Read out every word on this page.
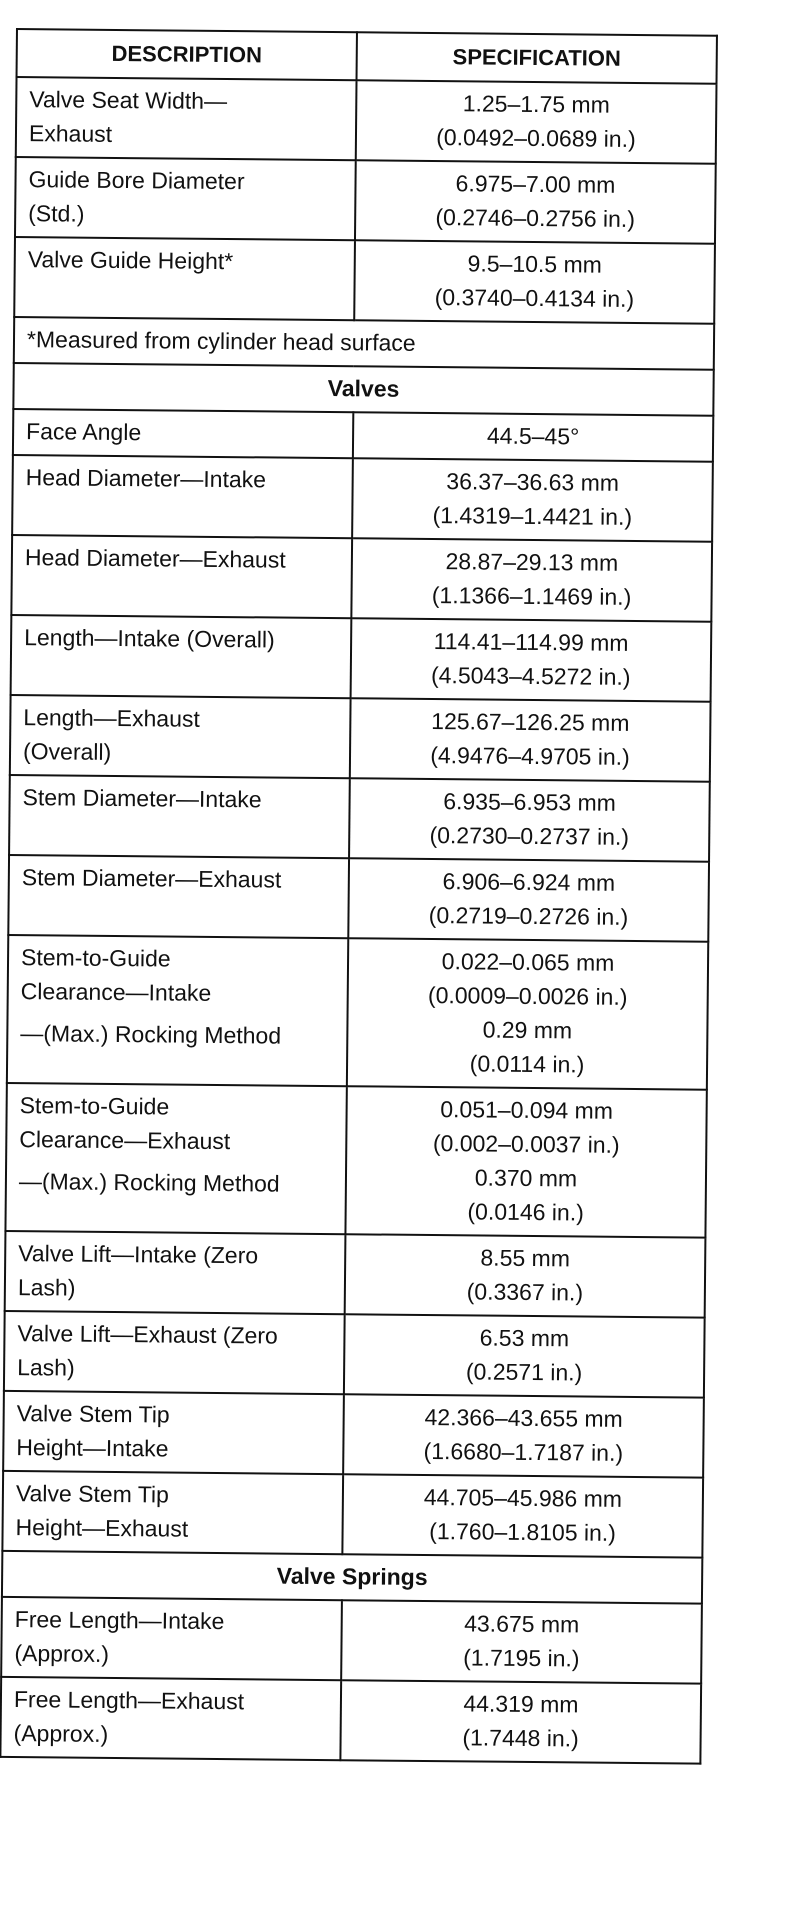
DESCRIPTION	SPECIFICATION

Valve Seat Width—
Exhaust	1.25–1.75 mm
(0.0492–0.0689 in.)

Guide Bore Diameter
(Std.)	6.975–7.00 mm
(0.2746–0.2756 in.)

Valve Guide Height*	9.5–10.5 mm
(0.3740–0.4134 in.)

*Measured from cylinder head surface	
Valves	

Face Angle	44.5–45°

Head Diameter—Intake	36.37–36.63 mm
(1.4319–1.4421 in.)

Head Diameter—Exhaust	28.87–29.13 mm
(1.1366–1.1469 in.)

Length—Intake (Overall)	114.41–114.99 mm
(4.5043–4.5272 in.)

Length—Exhaust
(Overall)	125.67–126.25 mm
(4.9476–4.9705 in.)

Stem Diameter—Intake	6.935–6.953 mm
(0.2730–0.2737 in.)

Stem Diameter—Exhaust	6.906–6.924 mm
(0.2719–0.2726 in.)

Stem-to-Guide
Clearance—Intake
—(Max.) Rocking Method	0.022–0.065 mm
(0.0009–0.0026 in.)
0.29 mm
(0.0114 in.)

Stem-to-Guide
Clearance—Exhaust
—(Max.) Rocking Method	0.051–0.094 mm
(0.002–0.0037 in.)
0.370 mm
(0.0146 in.)

Valve Lift—Intake (Zero
Lash)	8.55 mm
(0.3367 in.)

Valve Lift—Exhaust (Zero
Lash)	6.53 mm
(0.2571 in.)

Valve Stem Tip
Height—Intake	42.366–43.655 mm
(1.6680–1.7187 in.)

Valve Stem Tip
Height—Exhaust	44.705–45.986 mm
(1.760–1.8105 in.)

Valve Springs	

Free Length—Intake
(Approx.)	43.675 mm
(1.7195 in.)

Free Length—Exhaust
(Approx.)	44.319 mm
(1.7448 in.)
